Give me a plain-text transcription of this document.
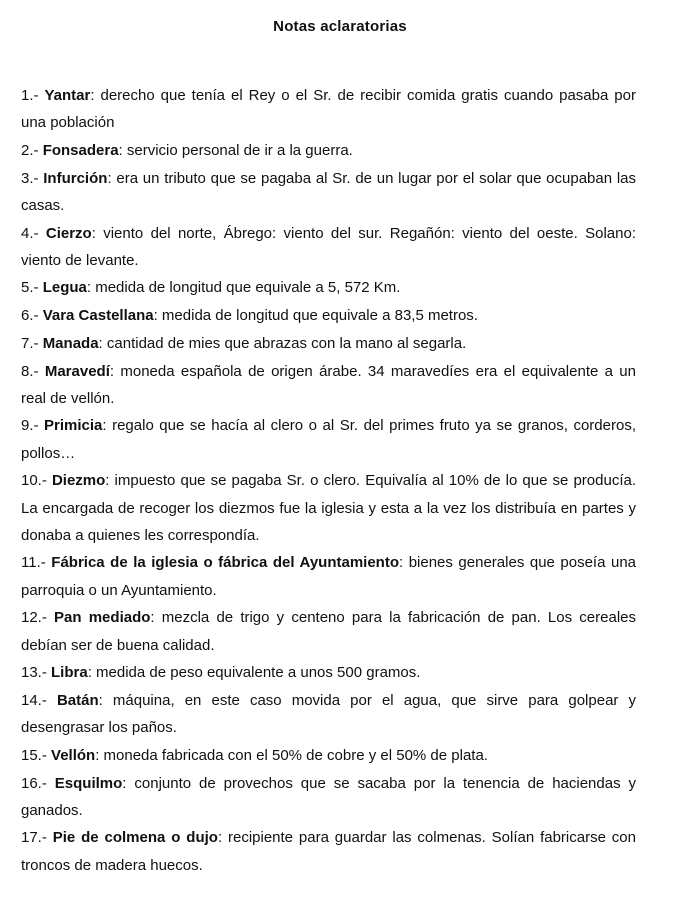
Notas aclaratorias
1.- Yantar: derecho que tenía el Rey o el Sr. de recibir comida gratis cuando pasaba por una población
2.- Fonsadera: servicio personal de ir a la guerra.
3.- Infurción: era un tributo que se pagaba al Sr. de un lugar por el solar que ocupaban las casas.
4.- Cierzo: viento del norte, Ábrego: viento del sur. Regañón: viento del oeste. Solano: viento de levante.
5.- Legua: medida de longitud que equivale a 5, 572 Km.
6.- Vara Castellana: medida de longitud que equivale a 83,5 metros.
7.- Manada: cantidad de mies que abrazas con la mano al segarla.
8.- Maravedí: moneda española de origen árabe. 34 maravedíes era el equivalente a un real de vellón.
9.- Primicia: regalo que se hacía al clero o al Sr. del primes fruto ya se granos, corderos, pollos…
10.- Diezmo: impuesto que se pagaba Sr. o clero. Equivalía al 10% de lo que se producía. La encargada de recoger los diezmos fue la iglesia y esta a la vez los distribuía en partes y donaba a quienes les correspondía.
11.- Fábrica de la iglesia o fábrica del Ayuntamiento: bienes generales que poseía una parroquia o un Ayuntamiento.
12.- Pan mediado: mezcla de trigo y centeno para la fabricación de pan. Los cereales debían ser de buena calidad.
13.- Libra: medida de peso equivalente a unos 500 gramos.
14.- Batán: máquina, en este caso movida por el agua, que sirve para golpear y desengrasar los paños.
15.- Vellón: moneda fabricada con el 50% de cobre y el 50% de plata.
16.- Esquilmo: conjunto de provechos que se sacaba por la tenencia de haciendas y ganados.
17.- Pie de colmena o dujo: recipiente para guardar las colmenas. Solían fabricarse con troncos de madera huecos.
